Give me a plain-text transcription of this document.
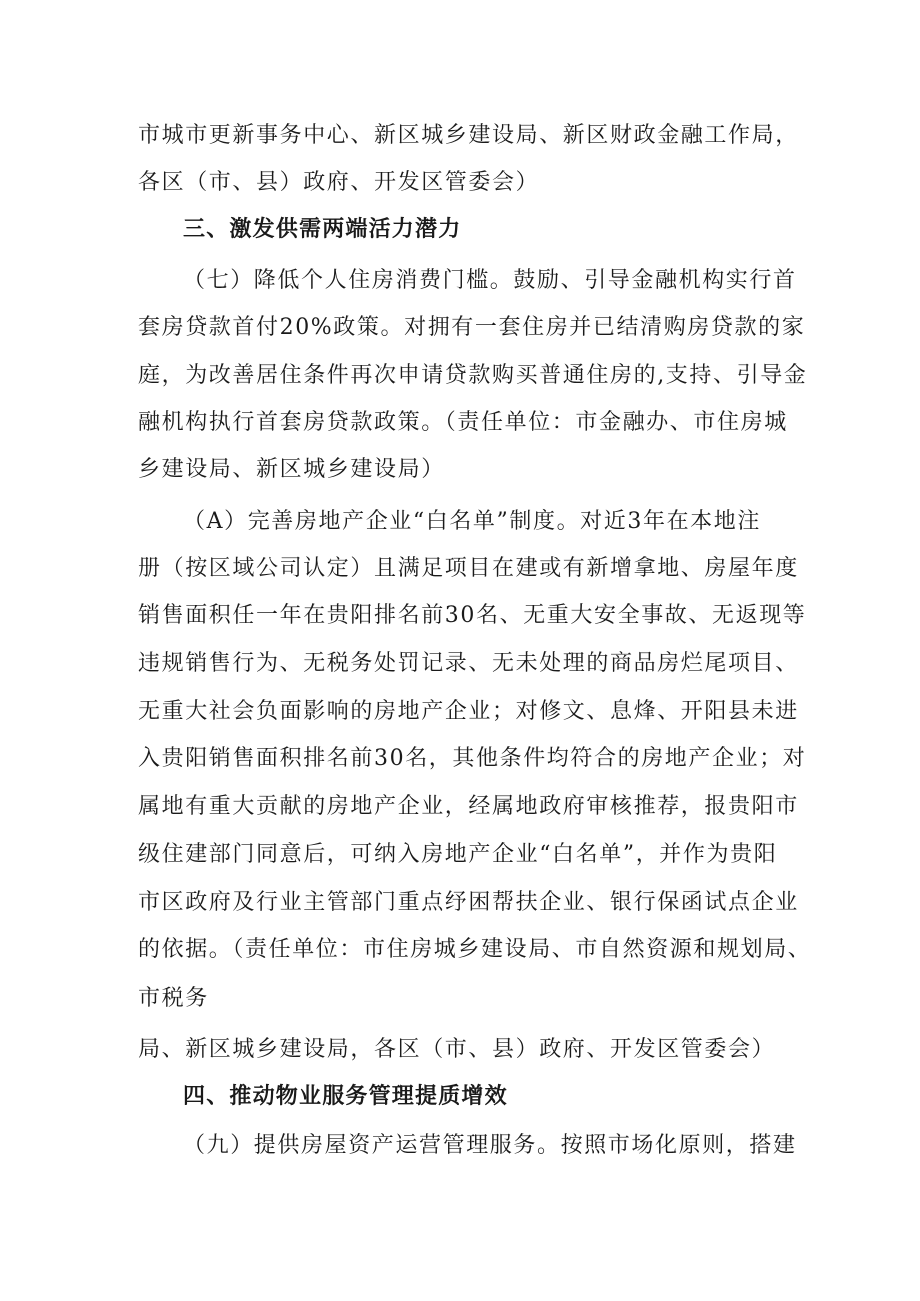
市城市更新事务中心、新区城乡建设局、新区财政金融工作局，
各区（市、县）政府、开发区管委会）
三、激发供需两端活力潜力
（七）降低个人住房消费门槛。鼓励、引导金融机构实行首
套房贷款首付20%政策。对拥有一套住房并已结清购房贷款的家
庭，为改善居住条件再次申请贷款购买普通住房的,支持、引导金
融机构执行首套房贷款政策。（责任单位：市金融办、市住房城
乡建设局、新区城乡建设局）
（A）完善房地产企业“白名单”制度。对近3年在本地注
册（按区域公司认定）且满足项目在建或有新增拿地、房屋年度
销售面积任一年在贵阳排名前30名、无重大安全事故、无返现等
违规销售行为、无税务处罚记录、无未处理的商品房烂尾项目、
无重大社会负面影响的房地产企业；对修文、息烽、开阳县未进
入贵阳销售面积排名前30名，其他条件均符合的房地产企业；对
属地有重大贡献的房地产企业，经属地政府审核推荐，报贵阳市
级住建部门同意后，可纳入房地产企业“白名单”，并作为贵阳
市区政府及行业主管部门重点纾困帮扶企业、银行保函试点企业
的依据。（责任单位：市住房城乡建设局、市自然资源和规划局、
市税务
局、新区城乡建设局，各区（市、县）政府、开发区管委会）
四、推动物业服务管理提质增效
（九）提供房屋资产运营管理服务。按照市场化原则，搭建
